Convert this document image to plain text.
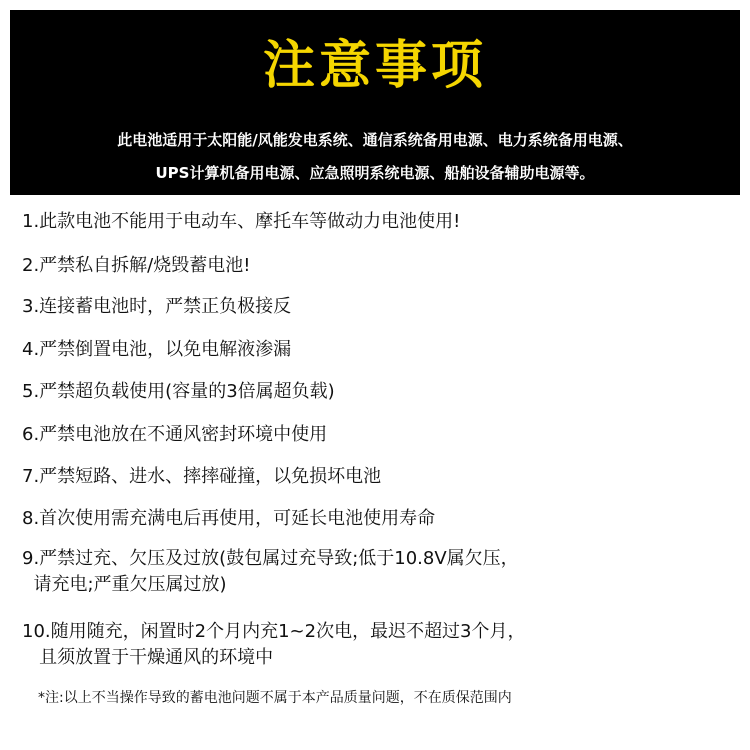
注意事项
此电池适用于太阳能/风能发电系统、通信系统备用电源、电力系统备用电源、
UPS计算机备用电源、应急照明系统电源、船舶设备辅助电源等。
1.此款电池不能用于电动车、摩托车等做动力电池使用!
2.严禁私自拆解/烧毁蓄电池!
3.连接蓄电池时，严禁正负极接反
4.严禁倒置电池，以免电解液渗漏
5.严禁超负载使用(容量的3倍属超负载)
6.严禁电池放在不通风密封环境中使用
7.严禁短路、进水、摔摔碰撞，以免损坏电池
8.首次使用需充满电后再使用，可延长电池使用寿命
9.严禁过充、欠压及过放(鼓包属过充导致;低于10.8V属欠压，
请充电;严重欠压属过放)
10.随用随充，闲置时2个月内充1~2次电，最迟不超过3个月，
且须放置于干燥通风的环境中
*注:以上不当操作导致的蓄电池问题不属于本产品质量问题，不在质保范围内
